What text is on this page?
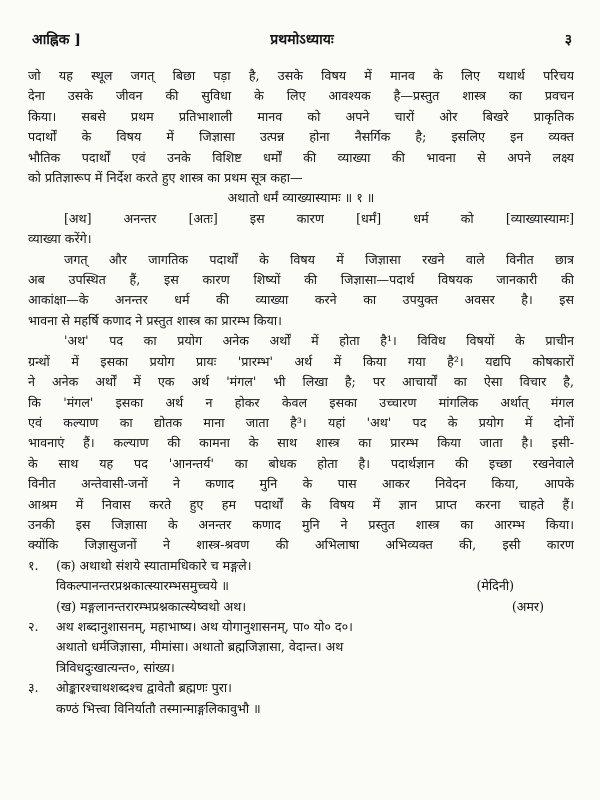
आह्निक ]	प्रथमोऽध्यायः	३
जो यह स्थूल जगत् बिछा पड़ा है, उसके विषय में मानव के लिए यथार्थ परिचय
देना उसके जीवन की सुविधा के लिए आवश्यक है—प्रस्तुत शास्त्र का प्रवचन
किया। सबसे प्रथम प्रतिभाशाली मानव को अपने चारों ओर बिखरे प्राकृतिक
पदार्थों के विषय में जिज्ञासा उत्पन्न होना नैसर्गिक है; इसलिए इन व्यक्त
भौतिक पदार्थों एवं उनके विशिष्ट धर्मों की व्याख्या की भावना से अपने लक्ष्य
को प्रतिज्ञारूप में निर्देश करते हुए शास्त्र का प्रथम सूत्र कहा—
अथातो धर्मं व्याख्यास्यामः ॥ १ ॥
[अथ] अनन्तर [अतः] इस कारण [धर्मं] धर्म को [व्याख्यास्यामः]
व्याख्या करेंगे।
जगत् और जागतिक पदार्थों के विषय में जिज्ञासा रखने वाले विनीत छात्र
अब उपस्थित हैं, इस कारण शिष्यों की जिज्ञासा—पदार्थ विषयक जानकारी की
आकांक्षा—के अनन्तर धर्म की व्याख्या करने का उपयुक्त अवसर है। इस
भावना से महर्षि कणाद ने प्रस्तुत शास्त्र का प्रारम्भ किया।
'अथ' पद का प्रयोग अनेक अर्थों में होता है¹। विविध विषयों के प्राचीन
ग्रन्थों में इसका प्रयोग प्रायः 'प्रारम्भ' अर्थ में किया गया है²। यद्यपि कोषकारों
ने अनेक अर्थों में एक अर्थ 'मंगल' भी लिखा है; पर आचार्यों का ऐसा विचार है,
कि 'मंगल' इसका अर्थ न होकर केवल इसका उच्चारण मांगलिक अर्थात् मंगल
एवं कल्याण का द्योतक माना जाता है³। यहां 'अथ' पद के प्रयोग में दोनों
भावनाएं हैं। कल्याण की कामना के साथ शास्त्र का प्रारम्भ किया जाता है। इसी-
के साथ यह पद 'आनन्तर्य' का बोधक होता है। पदार्थज्ञान की इच्छा रखनेवाले
विनीत अन्तेवासी-जनों ने कणाद मुनि के पास आकर निवेदन किया, आपके
आश्रम में निवास करते हुए हम पदार्थों के विषय में ज्ञान प्राप्त करना चाहते हैं।
उनकी इस जिज्ञासा के अनन्तर कणाद मुनि ने प्रस्तुत शास्त्र का आरम्भ किया।
क्योंकि जिज्ञासुजनों ने शास्त्र-श्रवण की अभिलाषा अभिव्यक्त की, इसी कारण
१. (क) अथाथो संशये स्यातामधिकारे च मङ्गले।
विकल्पानन्तरप्रश्नकात्स्यारम्भसमुच्चये ॥	(मेदिनी)
(ख) मङ्गलानन्तरारम्भप्रश्नकात्स्येष्वथो अथ।	(अमर)
२. अथ शब्दानुशासनम्, महाभाष्य। अथ योगानुशासनम्, पा० यो० द०।
अथातो धर्मजिज्ञासा, मीमांसा। अथातो ब्रह्मजिज्ञासा, वेदान्त। अथ
त्रिविधदुःखात्यन्त०, सांख्य।
३. ओङ्कारश्चाथशब्दश्च द्वावेतौ ब्रह्मणः पुरा।
कण्ठं भित्त्वा विनिर्यातौ तस्मान्माङ्गलिकावुभौ ॥
